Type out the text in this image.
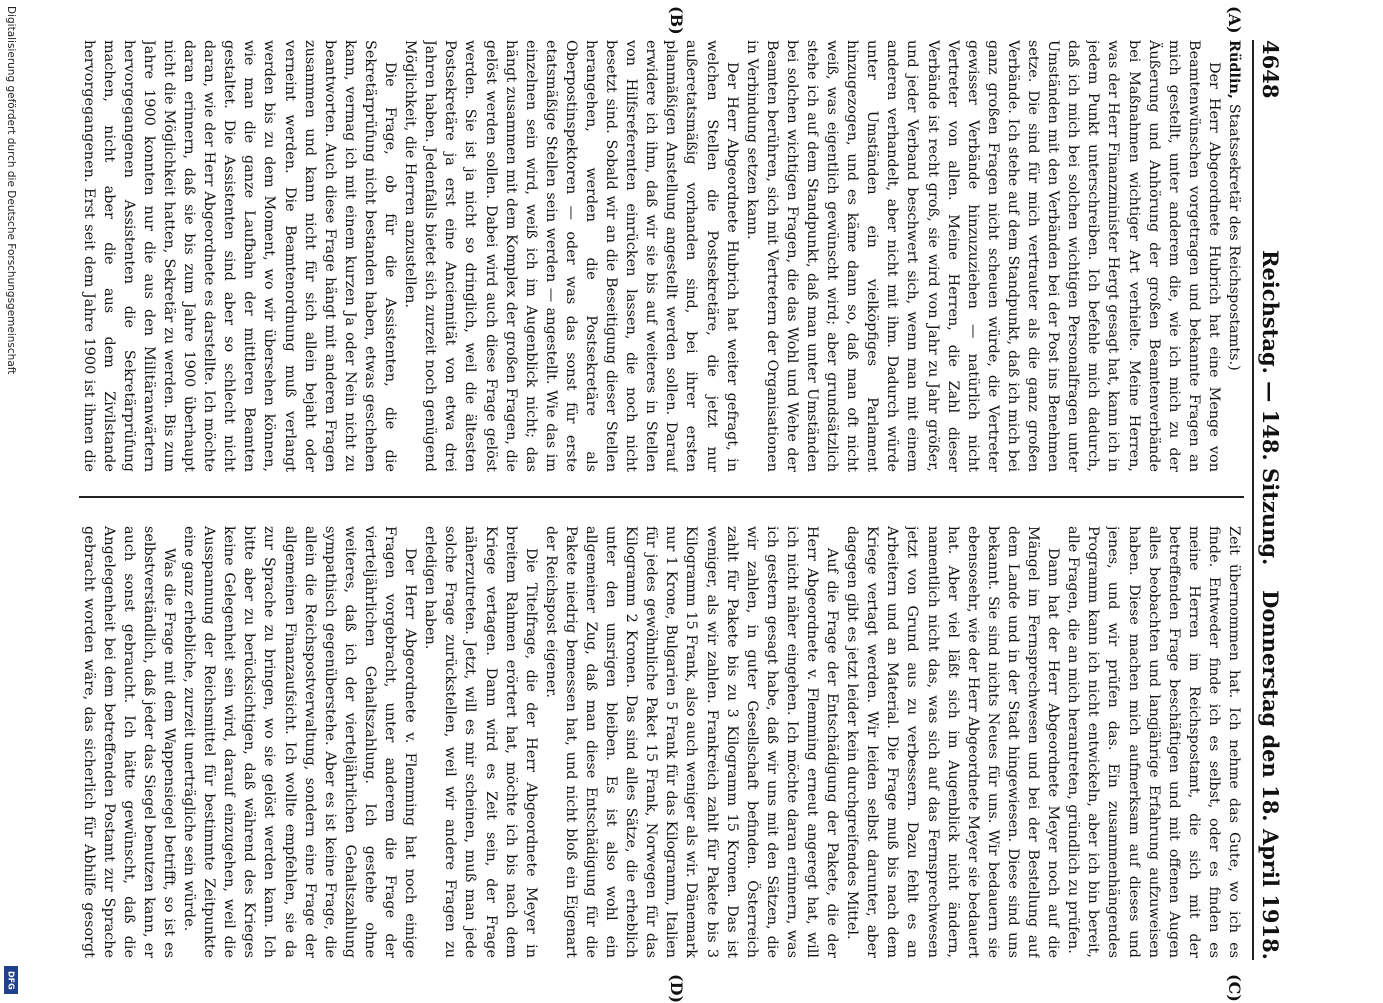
Digitalisierung gefördert durch die Deutsche Forschungsgemeinschaft
DFG
4648
Reichstag. — 148. Sitzung.
Donnerstag den 18. April 1918.
(A)
(B)
(C)
(D)

Rüdlin, Staatssekretär des Reichspostamts.)

Der Herr Abgeordnete Hubrich hat eine Menge von Beamtenwünschen vorgetragen und bekannte Fragen an mich gestellt, unter anderem die, wie ich mich zu der Äußerung und Anhörung der großen Beamtenverbände bei Maßnahmen wichtiger Art verhielte. Meine Herren, was der Herr Finanzminister Hergt gesagt hat, kann ich in jedem Punkt unterschreiben. Ich befehle mich dadurch, daß ich mich bei solchen wichtigen Personalfragen unter Umständen mit den Verbänden bei der Post ins Benehmen setze. Die sind für mich vertrauter als die ganz großen Verbände. Ich stehe auf dem Standpunkt, daß ich mich bei ganz großen Fragen nicht scheuen würde, die Vertreter gewisser Verbände hinzuzuziehen — natürlich nicht Vertreter von allen. Meine Herren, die Zahl dieser Verbände ist recht groß, sie wird von Jahr zu Jahr größer, und jeder Verband beschwert sich, wenn man mit einem anderen verhandelt, aber nicht mit ihm. Dadurch würde unter Umständen ein vielköpfiges Parlament hinzugezogen, und es käme dann so, daß man oft nicht weiß, was eigentlich gewünscht wird; aber grundsätzlich stehe ich auf dem Standpunkt, daß man unter Umständen bei solchen wichtigen Fragen, die das Wohl und Wehe der Beamten berühren, sich mit Vertretern der Organisationen in Verbindung setzen kann.

Der Herr Abgeordnete Hubrich hat weiter gefragt, in welchen Stellen die Postsekretäre, die jetzt nur außeretatsmäßig vorhanden sind, bei ihrer ersten planmäßigen Anstellung angestellt werden sollen. Darauf erwidere ich ihm, daß wir sie bis auf weiteres in Stellen von Hilfsreferenten einrücken lassen, die noch nicht besetzt sind. Sobald wir an die Beseitigung dieser Stellen herangehen, werden die Postsekretäre als Oberpostinspektoren — oder was das sonst für erste etatsmäßige Stellen sein werden — angestellt. Wie das im einzelnen sein wird, weiß ich im Augenblick nicht; das hängt zusammen mit dem Komplex der großen Fragen, die gelöst werden sollen. Dabei wird auch diese Frage gelöst werden. Sie ist ja nicht so dringlich, weil die ältesten Postsekretäre ja erst eine Anciennität von etwa drei Jahren haben. Jedenfalls bietet sich zurzeit noch genügend Möglichkeit, die Herren anzustellen.

Die Frage, ob für die Assistenten, die die Sekretärprüfung nicht bestanden haben, etwas geschehen kann, vermag ich mit einem kurzen Ja oder Nein nicht zu beantworten. Auch diese Frage hängt mit anderen Fragen zusammen und kann nicht für sich allein bejaht oder verneint werden. Die Beamtenordnung muß verlangt werden bis zu dem Moment, wo wir übersehen können, wie man die ganze Laufbahn der mittleren Beamten gestaltet. Die Assistenten sind aber so schlecht nicht daran, wie der Herr Abgeordnete es darstellte. Ich möchte daran erinnern, daß sie bis zum Jahre 1900 überhaupt nicht die Möglichkeit hatten, Sekretär zu werden. Bis zum Jahre 1900 konnten nur die aus den Militäranwärtern hervorgegangenen Assistenten die Sekretärprüfung machen, nicht aber die aus dem Zivilstande hervorgegangenen. Erst seit dem Jahre 1900 ist ihnen die

Zeit übernommen hat. Ich nehme das Gute, wo ich es finde. Entweder finde ich es selbst, oder es finden es meine Herren im Reichspostamt, die sich mit der betreffenden Frage beschäftigen und mit offenen Augen alles beobachten und langjährige Erfahrung aufzuweisen haben. Diese machen mich aufmerksam auf dieses und jenes, und wir prüfen das. Ein zusammenhängendes Programm kann ich nicht entwickeln, aber ich bin bereit, alle Fragen, die an mich herantreten, gründlich zu prüfen.

Dann hat der Herr Abgeordnete Meyer noch auf die Mängel im Fernsprechwesen und bei der Bestellung auf dem Lande und in der Stadt hingewiesen. Diese sind uns bekannt. Sie sind nichts Neues für uns. Wir bedauern sie ebensosehr, wie der Herr Abgeordnete Meyer sie bedauert hat. Aber viel läßt sich im Augenblick nicht ändern, namentlich nicht das, was sich auf das Fernsprechwesen jetzt von Grund aus zu verbessern. Dazu fehlt es an Arbeitern und an Material. Die Frage muß bis nach dem Kriege vertagt werden. Wir leiden selbst darunter, aber dagegen gibt es jetzt leider kein durchgreifendes Mittel.

Auf die Frage der Entschädigung der Pakete, die der Herr Abgeordnete v. Flemming erneut angeregt hat, will ich nicht näher eingehen. Ich möchte daran erinnern, was ich gestern gesagt habe, daß wir uns mit den Sätzen, die wir zahlen, in guter Gesellschaft befinden. Österreich zahlt für Pakete bis zu 3 Kilogramm 15 Kronen. Das ist weniger, als wir zahlen. Frankreich zahlt für Pakete bis 3 Kilogramm 15 Frank, also auch weniger als wir. Dänemark nur 1 Krone, Bulgarien 5 Frank für das Kilogramm, Italien für jedes gewöhnliche Paket 15 Frank, Norwegen für das Kilogramm 2 Kronen. Das sind alles Sätze, die erheblich unter den unsrigen bleiben. Es ist also wohl ein allgemeiner Zug, daß man diese Entschädigung für die Pakete niedrig bemessen hat, und nicht bloß ein Eigenart der Reichspost eigener.

Die Titelfrage, die der Herr Abgeordnete Meyer in breitem Rahmen erörtert hat, möchte ich bis nach dem Kriege vertagen. Dann wird es Zeit sein, der Frage näherzutreten. Jetzt, will es mir scheinen, muß man jede solche Frage zurückstellen, weil wir andere Fragen zu erledigen haben.

Der Herr Abgeordnete v. Flemming hat noch einige Fragen vorgebracht, unter anderem die Frage der vierteljährlichen Gehaltszahlung. Ich gestehe ohne weiteres, daß ich der vierteljährlichen Gehaltszahlung sympathisch gegenüberstehe. Aber es ist keine Frage, die allein die Reichspostverwaltung, sondern eine Frage der allgemeinen Finanzaufsicht. Ich wollte empfehlen, sie da zur Sprache zu bringen, wo sie gelöst werden kann. Ich bitte aber zu berücksichtigen, daß während des Krieges keine Gelegenheit sein wird, darauf einzugehen, weil die Ausspannung der Reichsmittel für bestimmte Zeitpunkte eine ganz erhebliche, zurzeit unerträgliche sein würde.

Was die Frage mit dem Wappensiegel betrifft, so ist es selbstverständlich, daß jeder das Siegel benutzen kann, er auch sonst gebraucht. Ich hätte gewünscht, daß die Angelegenheit bei dem betreffenden Postamt zur Sprache gebracht worden wäre, das sicherlich für Abhilfe gesorgt
